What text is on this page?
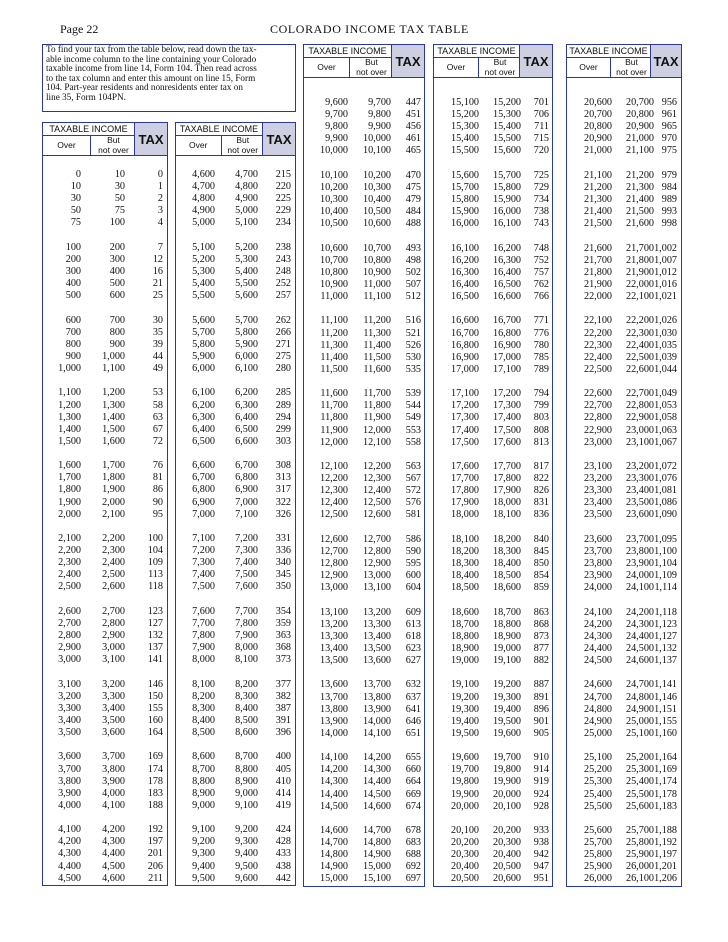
Page 22	COLORADO INCOME TAX TABLE
To find your tax from the table below, read down the tax-
able income column to the line containing your Colorado
taxable income from line 14, Form 104. Then read across
to the tax column and enter this amount on line 15, Form
104. Part-year residents and nonresidents enter tax on
line 35, Form 104PN.
TAXABLE INCOME
Over	But
not over
TAX
0	10	0
10	30	1
30	50	2
50	75	3
75	100	4
100	200	7
200	300	12
300	400	16
400	500	21
500	600	25
600	700	30
700	800	35
800	900	39
900 1,000	44
1,000 1,100	49
1,100 1,200	53
1,200 1,300	58
1,300 1,400	63
1,400 1,500	67
1,500 1,600	72
1,600 1,700	76
1,700 1,800	81
1,800 1,900	86
1,900 2,000	90
2,000 2,100	95
2,100 2,200 100
2,200 2,300 104
2,300 2,400 109
2,400 2,500 113
2,500 2,600 118
2,600 2,700 123
2,700 2,800 127
2,800 2,900 132
2,900 3,000 137
3,000 3,100 141
3,100 3,200 146
3,200 3,300 150
3,300 3,400 155
3,400 3,500 160
3,500 3,600 164
3,600 3,700 169
3,700 3,800 174
3,800 3,900 178
3,900 4,000 183
4,000 4,100 188
4,100 4,200 192
4,200 4,300 197
4,300 4,400 201
4,400 4,500 206
4,500 4,600 211
TAXABLE INCOME
Over	But
not over
TAX
4,600 4,700 215
4,700 4,800 220
4,800 4,900 225
4,900 5,000 229
5,000 5,100 234
5,100 5,200 238
5,200 5,300 243
5,300 5,400 248
5,400 5,500 252
5,500 5,600 257
5,600 5,700 262
5,700 5,800 266
5,800 5,900 271
5,900 6,000 275
6,000 6,100 280
6,100 6,200 285
6,200 6,300 289
6,300 6,400 294
6,400 6,500 299
6,500 6,600 303
6,600 6,700 308
6,700 6,800 313
6,800 6,900 317
6,900 7,000 322
7,000 7,100 326
7,100 7,200 331
7,200 7,300 336
7,300 7,400 340
7,400 7,500 345
7,500 7,600 350
7,600 7,700 354
7,700 7,800 359
7,800 7,900 363
7,900 8,000 368
8,000 8,100 373
8,100 8,200 377
8,200 8,300 382
8,300 8,400 387
8,400 8,500 391
8,500 8,600 396
8,600 8,700 400
8,700 8,800 405
8,800 8,900 410
8,900 9,000 414
9,000 9,100 419
9,100 9,200 424
9,200 9,300 428
9,300 9,400 433
9,400 9,500 438
9,500 9,600 442
TAXABLE INCOME
Over	But
not over
TAX
9,600 9,700 447
9,700 9,800 451
9,800 9,900 456
9,900 10,000 461
10,000 10,100 465
10,100 10,200 470
10,200 10,300 475
10,300 10,400 479
10,400 10,500 484
10,500 10,600 488
10,600 10,700 493
10,700 10,800 498
10,800 10,900 502
10,900 11,000 507
11,000 11,100 512
11,100 11,200 516
11,200 11,300 521
11,300 11,400 526
11,400 11,500 530
11,500 11,600 535
11,600 11,700 539
11,700 11,800 544
11,800 11,900 549
11,900 12,000 553
12,000 12,100 558
12,100 12,200 563
12,200 12,300 567
12,300 12,400 572
12,400 12,500 576
12,500 12,600 581
12,600 12,700 586
12,700 12,800 590
12,800 12,900 595
12,900 13,000 600
13,000 13,100 604
13,100 13,200 609
13,200 13,300 613
13,300 13,400 618
13,400 13,500 623
13,500 13,600 627
13,600 13,700 632
13,700 13,800 637
13,800 13,900 641
13,900 14,000 646
14,000 14,100 651
14,100 14,200 655
14,200 14,300 660
14,300 14,400 664
14,400 14,500 669
14,500 14,600 674
14,600 14,700 678
14,700 14,800 683
14,800 14,900 688
14,900 15,000 692
15,000 15,100 697
TAXABLE INCOME
Over	But
not over
TAX
15,100 15,200 701
15,200 15,300 706
15,300 15,400 711
15,400 15,500 715
15,500 15,600 720
15,600 15,700 725
15,700 15,800 729
15,800 15,900 734
15,900 16,000 738
16,000 16,100 743
16,100 16,200 748
16,200 16,300 752
16,300 16,400 757
16,400 16,500 762
16,500 16,600 766
16,600 16,700 771
16,700 16,800 776
16,800 16,900 780
16,900 17,000 785
17,000 17,100 789
17,100 17,200 794
17,200 17,300 799
17,300 17,400 803
17,400 17,500 808
17,500 17,600 813
17,600 17,700 817
17,700 17,800 822
17,800 17,900 826
17,900 18,000 831
18,000 18,100 836
18,100 18,200 840
18,200 18,300 845
18,300 18,400 850
18,400 18,500 854
18,500 18,600 859
18,600 18,700 863
18,700 18,800 868
18,800 18,900 873
18,900 19,000 877
19,000 19,100 882
19,100 19,200 887
19,200 19,300 891
19,300 19,400 896
19,400 19,500 901
19,500 19,600 905
19,600 19,700 910
19,700 19,800 914
19,800 19,900 919
19,900 20,000 924
20,000 20,100 928
20,100 20,200 933
20,200 20,300 938
20,300 20,400 942
20,400 20,500 947
20,500 20,600 951
TAXABLE INCOME
Over	But
not over
TAX
20,600 20,700 956
20,700 20,800 961
20,800 20,900 965
20,900 21,000 970
21,000 21,100 975
21,100 21,200 979
21,200 21,300 984
21,300 21,400 989
21,400 21,500 993
21,500 21,600 998
21,600 21,700 1,002
21,700 21,800 1,007
21,800 21,900 1,012
21,900 22,000 1,016
22,000 22,100 1,021
22,100 22,200 1,026
22,200 22,300 1,030
22,300 22,400 1,035
22,400 22,500 1,039
22,500 22,600 1,044
22,600 22,700 1,049
22,700 22,800 1,053
22,800 22,900 1,058
22,900 23,000 1,063
23,000 23,100 1,067
23,100 23,200 1,072
23,200 23,300 1,076
23,300 23,400 1,081
23,400 23,500 1,086
23,500 23,600 1,090
23,600 23,700 1,095
23,700 23,800 1,100
23,800 23,900 1,104
23,900 24,000 1,109
24,000 24,100 1,114
24,100 24,200 1,118
24,200 24,300 1,123
24,300 24,400 1,127
24,400 24,500 1,132
24,500 24,600 1,137
24,600 24,700 1,141
24,700 24,800 1,146
24,800 24,900 1,151
24,900 25,000 1,155
25,000 25,100 1,160
25,100 25,200 1,164
25,200 25,300 1,169
25,300 25,400 1,174
25,400 25,500 1,178
25,500 25,600 1,183
25,600 25,700 1,188
25,700 25,800 1,192
25,800 25,900 1,197
25,900 26,000 1,201
26,000 26,100 1,206
